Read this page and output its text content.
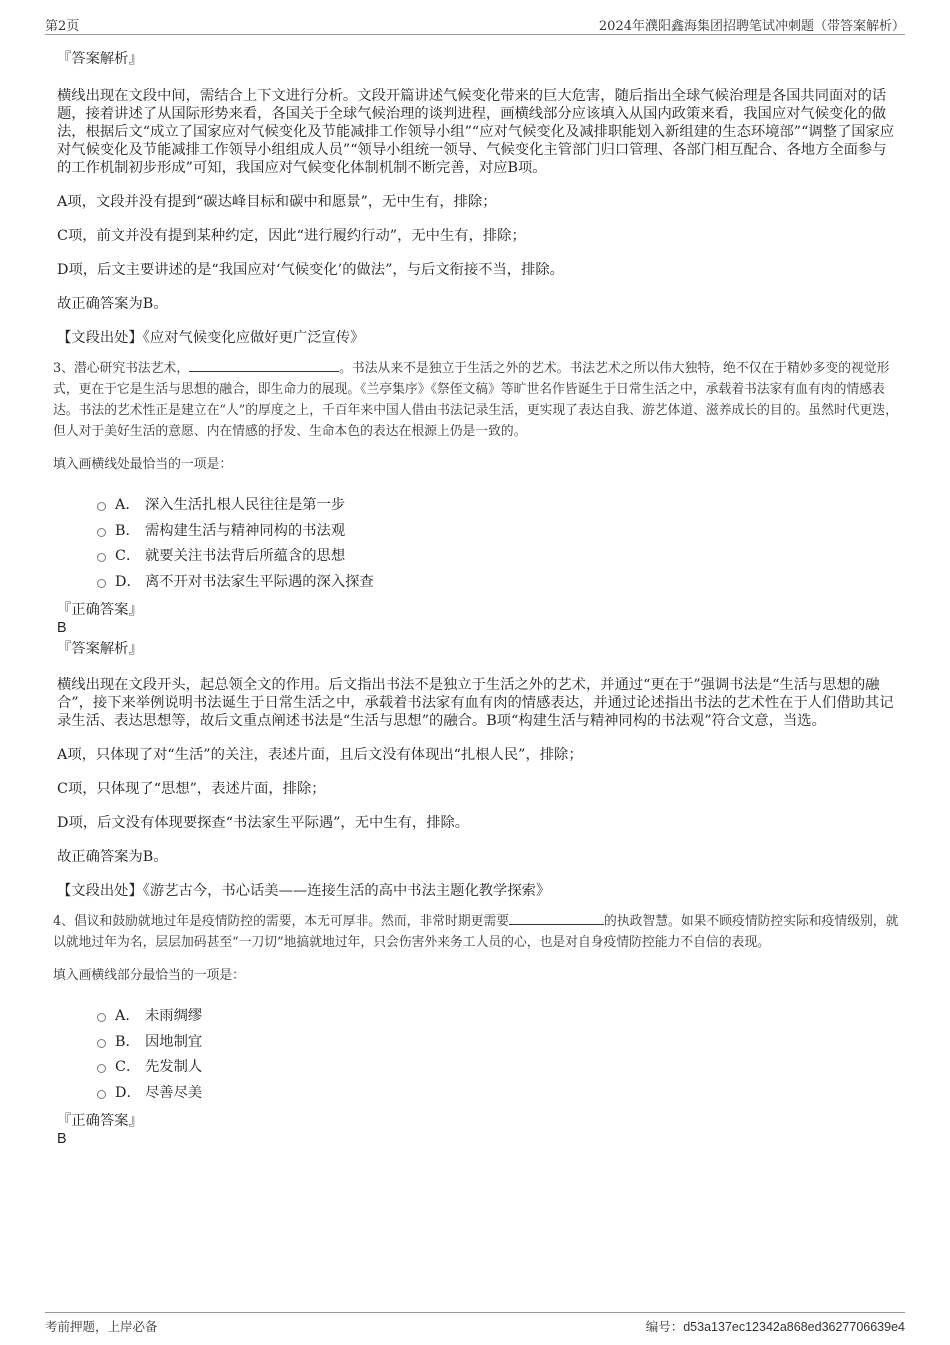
第2页	2024年濮阳鑫海集团招聘笔试冲刺题（带答案解析）

『答案解析』

横线出现在文段中间，需结合上下文进行分析。文段开篇讲述气候变化带来的巨大危害，随后指出全球气候治理是各国共同面对的话题，接着讲述了从国际形势来看，各国关于全球气候治理的谈判进程，画横线部分应该填入从国内政策来看，我国应对气候变化的做法，根据后文“成立了国家应对气候变化及节能减排工作领导小组”“应对气候变化及减排职能划入新组建的生态环境部”“调整了国家应对气候变化及节能减排工作领导小组组成人员”“领导小组统一领导、气候变化主管部门归口管理、各部门相互配合、各地方全面参与的工作机制初步形成”可知，我国应对气候变化体制机制不断完善，对应B项。

A项，文段并没有提到“碳达峰目标和碳中和愿景”，无中生有，排除；

C项，前文并没有提到某种约定，因此“进行履约行动”，无中生有，排除；

D项，后文主要讲述的是“我国应对‘气候变化’的做法”，与后文衔接不当，排除。

故正确答案为B。

【文段出处】《应对气候变化应做好更广泛宣传》

3、潜心研究书法艺术，	。书法从来不是独立于生活之外的艺术。书法艺术之所以伟大独特，绝不仅在于精妙多变的视觉形式，更在于它是生活与思想的融合，即生命力的展现。《兰亭集序》《祭侄文稿》等旷世名作皆诞生于日常生活之中，承载着书法家有血有肉的情感表达。书法的艺术性正是建立在“人”的厚度之上，千百年来中国人借由书法记录生活，更实现了表达自我、游艺体道、滋养成长的目的。虽然时代更迭，但人对于美好生活的意愿、内在情感的抒发、生命本色的表达在根源上仍是一致的。

填入画横线处最恰当的一项是：

A． 深入生活扎根人民往往是第一步
B． 需构建生活与精神同构的书法观
C． 就要关注书法背后所蕴含的思想
D． 离不开对书法家生平际遇的深入探查

『正确答案』

B

『答案解析』

横线出现在文段开头，起总领全文的作用。后文指出书法不是独立于生活之外的艺术，并通过“更在于”强调书法是“生活与思想的融合”，接下来举例说明书法诞生于日常生活之中，承载着书法家有血有肉的情感表达，并通过论述指出书法的艺术性在于人们借助其记录生活、表达思想等，故后文重点阐述书法是“生活与思想”的融合。B项“构建生活与精神同构的书法观”符合文意，当选。

A项，只体现了对“生活”的关注，表述片面，且后文没有体现出“扎根人民”，排除；

C项，只体现了“思想”，表述片面，排除；

D项，后文没有体现要探查“书法家生平际遇”，无中生有，排除。

故正确答案为B。

【文段出处】《游艺古今，书心话美——连接生活的高中书法主题化教学探索》

4、倡议和鼓励就地过年是疫情防控的需要，本无可厚非。然而，非常时期更需要	的执政智慧。如果不顾疫情防控实际和疫情级别，就以就地过年为名，层层加码甚至“一刀切”地搞就地过年，只会伤害外来务工人员的心，也是对自身疫情防控能力不自信的表现。

填入画横线部分最恰当的一项是：

A． 未雨绸缪
B． 因地制宜
C． 先发制人
D． 尽善尽美

『正确答案』

B

考前押题，上岸必备	编号：d53a137ec12342a868ed3627706639e4
